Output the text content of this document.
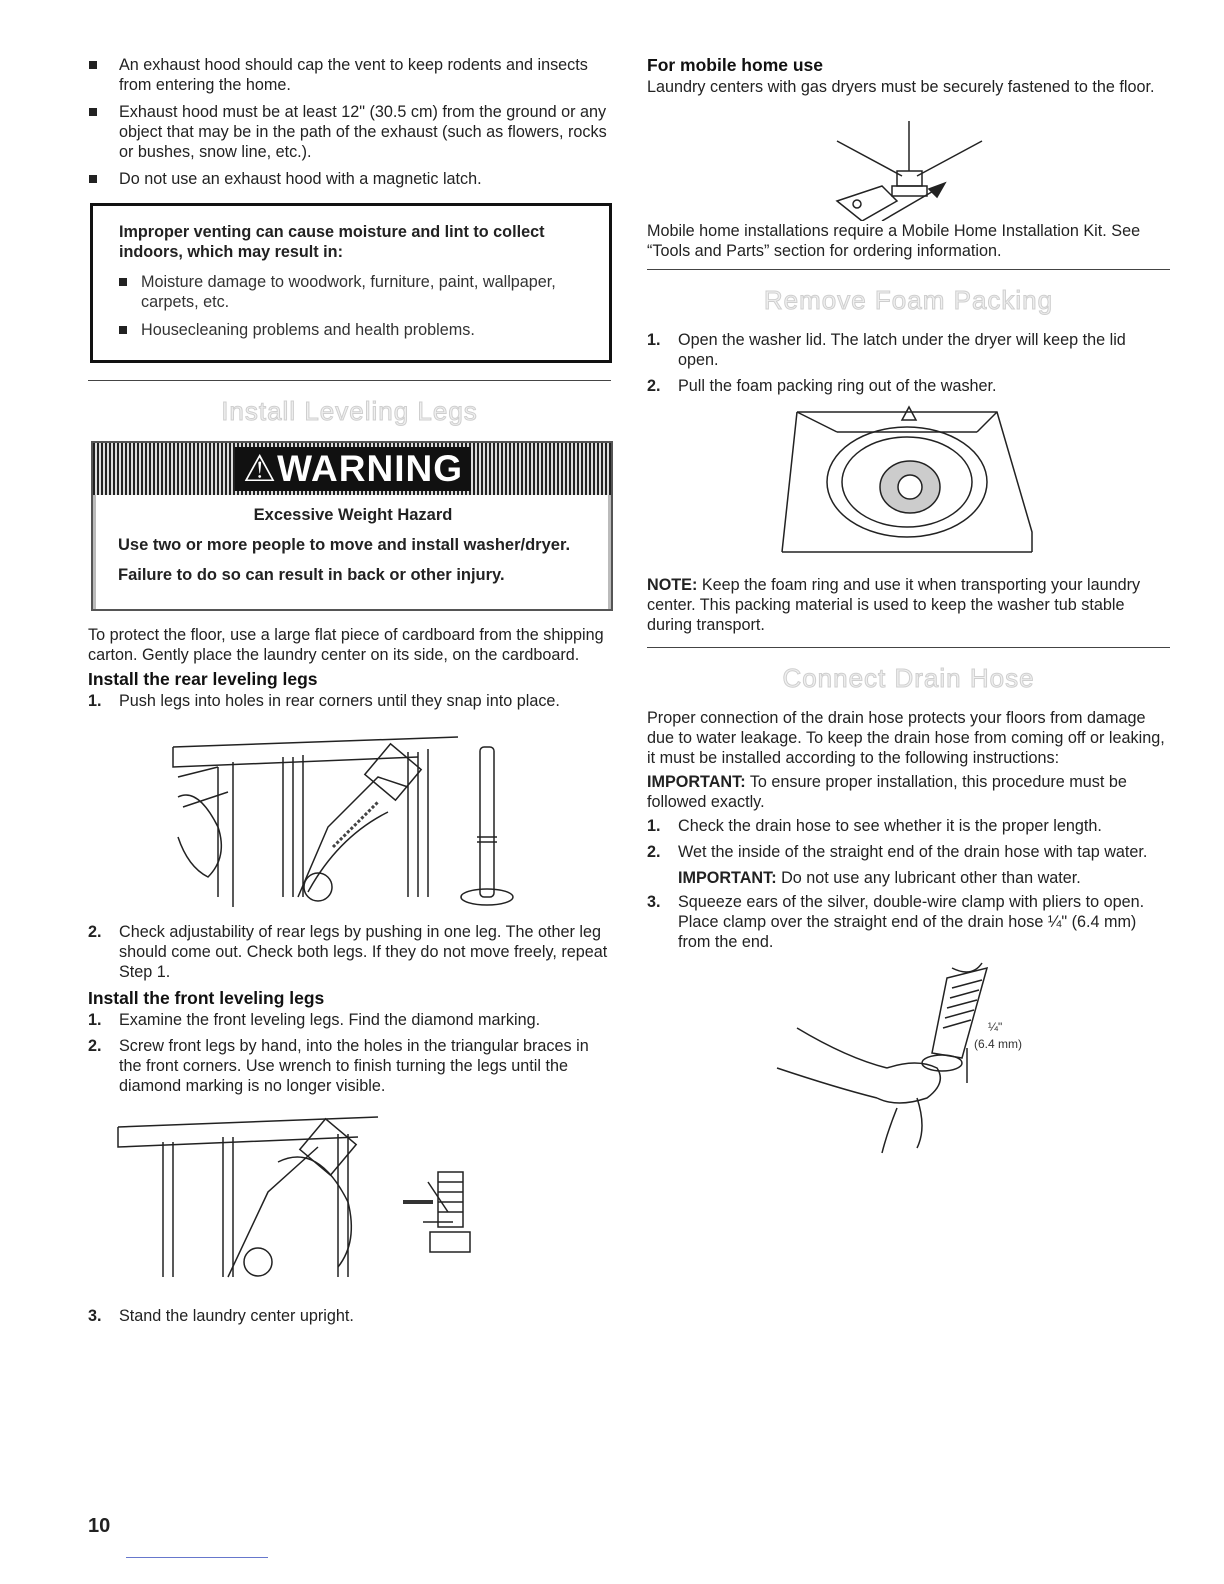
An exhaust hood should cap the vent to keep rodents and insects from entering the home.
Exhaust hood must be at least 12" (30.5 cm) from the ground or any object that may be in the path of the exhaust (such as flowers, rocks or bushes, snow line, etc.).
Do not use an exhaust hood with a magnetic latch.
Improper venting can cause moisture and lint to collect indoors, which may result in:
Moisture damage to woodwork, furniture, paint, wallpaper, carpets, etc.
Housecleaning problems and health problems.
Install Leveling Legs
⚠WARNING
Excessive Weight Hazard

Use two or more people to move and install washer/dryer.

Failure to do so can result in back or other injury.

To protect the floor, use a large flat piece of cardboard from the shipping carton. Gently place the laundry center on its side, on the cardboard.

Install the rear leveling legs
1. Push legs into holes in rear corners until they snap into place.
2. Check adjustability of rear legs by pushing in one leg. The other leg should come out. Check both legs. If they do not move freely, repeat Step 1.
Install the front leveling legs
1. Examine the front leveling legs. Find the diamond marking.
2. Screw front legs by hand, into the holes in the triangular braces in the front corners. Use wrench to finish turning the legs until the diamond marking is no longer visible.
3. Stand the laundry center upright.
For mobile home use

Laundry centers with gas dryers must be securely fastened to the floor.

Mobile home installations require a Mobile Home Installation Kit. See “Tools and Parts” section for ordering information.

Remove Foam Packing
1. Open the washer lid. The latch under the dryer will keep the lid open.
2. Pull the foam packing ring out of the washer.

NOTE: Keep the foam ring and use it when transporting your laundry center. This packing material is used to keep the washer tub stable during transport.

Connect Drain Hose

Proper connection of the drain hose protects your floors from damage due to water leakage. To keep the drain hose from coming off or leaking, it must be installed according to the following instructions:

IMPORTANT: To ensure proper installation, this procedure must be followed exactly.

1. Check the drain hose to see whether it is the proper length.
2. Wet the inside of the straight end of the drain hose with tap water.

IMPORTANT: Do not use any lubricant other than water.

3. Squeeze ears of the silver, double-wire clamp with pliers to open. Place clamp over the straight end of the drain hose ¼" (6.4 mm) from the end.
¼"
(6.4 mm)
10
